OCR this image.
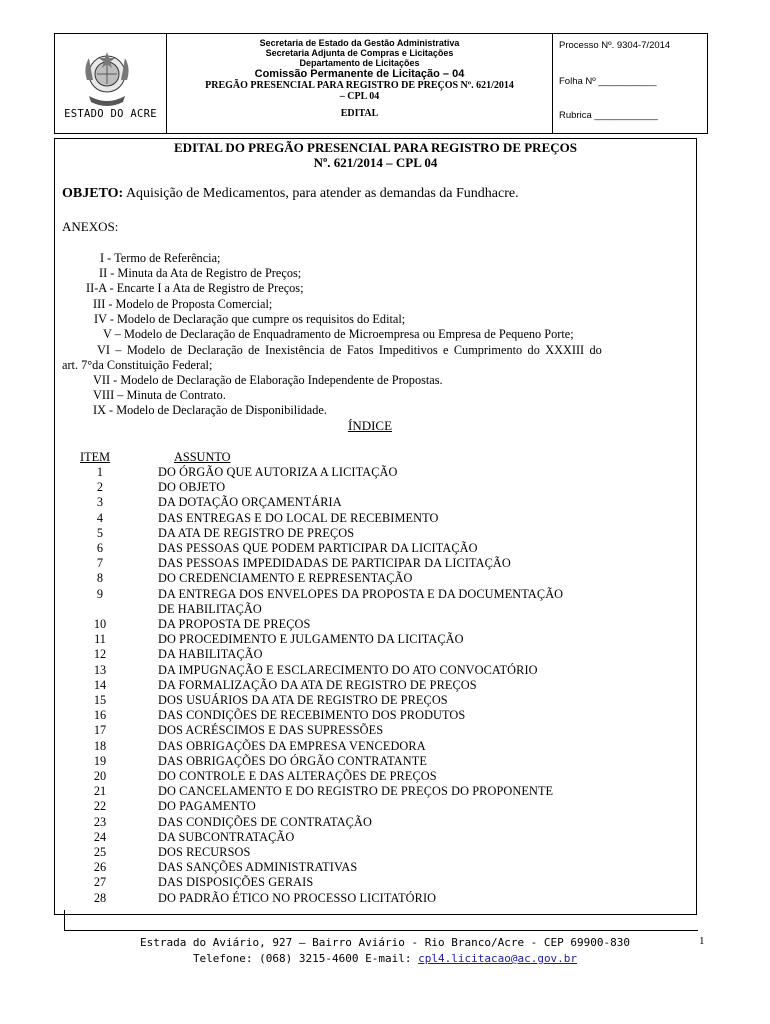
ESTADO DO ACRE
Secretaria de Estado da Gestão Administrativa
Secretaria Adjunta de Compras e Licitações
Departamento de Licitações
Comissão Permanente de Licitação – 04
PREGÃO PRESENCIAL PARA REGISTRO DE PREÇOS Nº. 621/2014
– CPL 04
EDITAL
Processo Nº. 9304-7/2014
Folha Nº ___________
Rubrica ____________
EDITAL DO PREGÃO PRESENCIAL PARA REGISTRO DE PREÇOS
Nº. 621/2014 – CPL 04
OBJETO: Aquisição de Medicamentos, para atender as demandas da Fundhacre.
ANEXOS:
I - Termo de Referência;
II - Minuta da Ata de Registro de Preços;
II-A - Encarte I a Ata de Registro de Preços;
III - Modelo de Proposta Comercial;
IV - Modelo de Declaração que cumpre os requisitos do Edital;
V – Modelo de Declaração de Enquadramento de Microempresa ou Empresa de Pequeno Porte;
VI – Modelo de Declaração de Inexistência de Fatos Impeditivos e Cumprimento do XXXIII do
art. 7°da Constituição Federal;
VII - Modelo de Declaração de Elaboração Independente de Propostas.
VIII – Minuta de Contrato.
IX - Modelo de Declaração de Disponibilidade.
ÍNDICE
ITEM	ASSUNTO
1	DO ÓRGÃO QUE AUTORIZA A LICITAÇÃO
2	DO OBJETO
3	DA DOTAÇÃO ORÇAMENTÁRIA
4	DAS ENTREGAS E DO LOCAL DE RECEBIMENTO
5	DA ATA DE REGISTRO DE PREÇOS
6	DAS PESSOAS QUE PODEM PARTICIPAR DA LICITAÇÃO
7	DAS PESSOAS IMPEDIDADAS DE PARTICIPAR DA LICITAÇÃO
8	DO CREDENCIAMENTO E REPRESENTAÇÃO
9	DA ENTREGA DOS ENVELOPES DA PROPOSTA E DA DOCUMENTAÇÃO
DE HABILITAÇÃO
10	DA PROPOSTA DE PREÇOS
11	DO PROCEDIMENTO E JULGAMENTO DA LICITAÇÃO
12	DA HABILITAÇÃO
13	DA IMPUGNAÇÃO E ESCLARECIMENTO DO ATO CONVOCATÓRIO
14	DA FORMALIZAÇÃO DA ATA DE REGISTRO DE PREÇOS
15	DOS USUÁRIOS DA ATA DE REGISTRO DE PREÇOS
16	DAS CONDIÇÕES DE RECEBIMENTO DOS PRODUTOS
17	DOS ACRÉSCIMOS E DAS SUPRESSÕES
18	DAS OBRIGAÇÕES DA EMPRESA VENCEDORA
19	DAS OBRIGAÇÕES DO ÓRGÃO CONTRATANTE
20	DO CONTROLE E DAS ALTERAÇÕES DE PREÇOS
21	DO CANCELAMENTO E DO REGISTRO DE PREÇOS DO PROPONENTE
22	DO PAGAMENTO
23	DAS CONDIÇÕES DE CONTRATAÇÃO
24	DA SUBCONTRATAÇÃO
25	DOS RECURSOS
26	DAS SANÇÕES ADMINISTRATIVAS
27	DAS DISPOSIÇÕES GERAIS
28	DO PADRÃO ÉTICO NO PROCESSO LICITATÓRIO
Estrada do Aviário, 927 – Bairro Aviário - Rio Branco/Acre - CEP 69900-830
Telefone: (068) 3215-4600 E-mail: cpl4.licitacao@ac.gov.br
1
